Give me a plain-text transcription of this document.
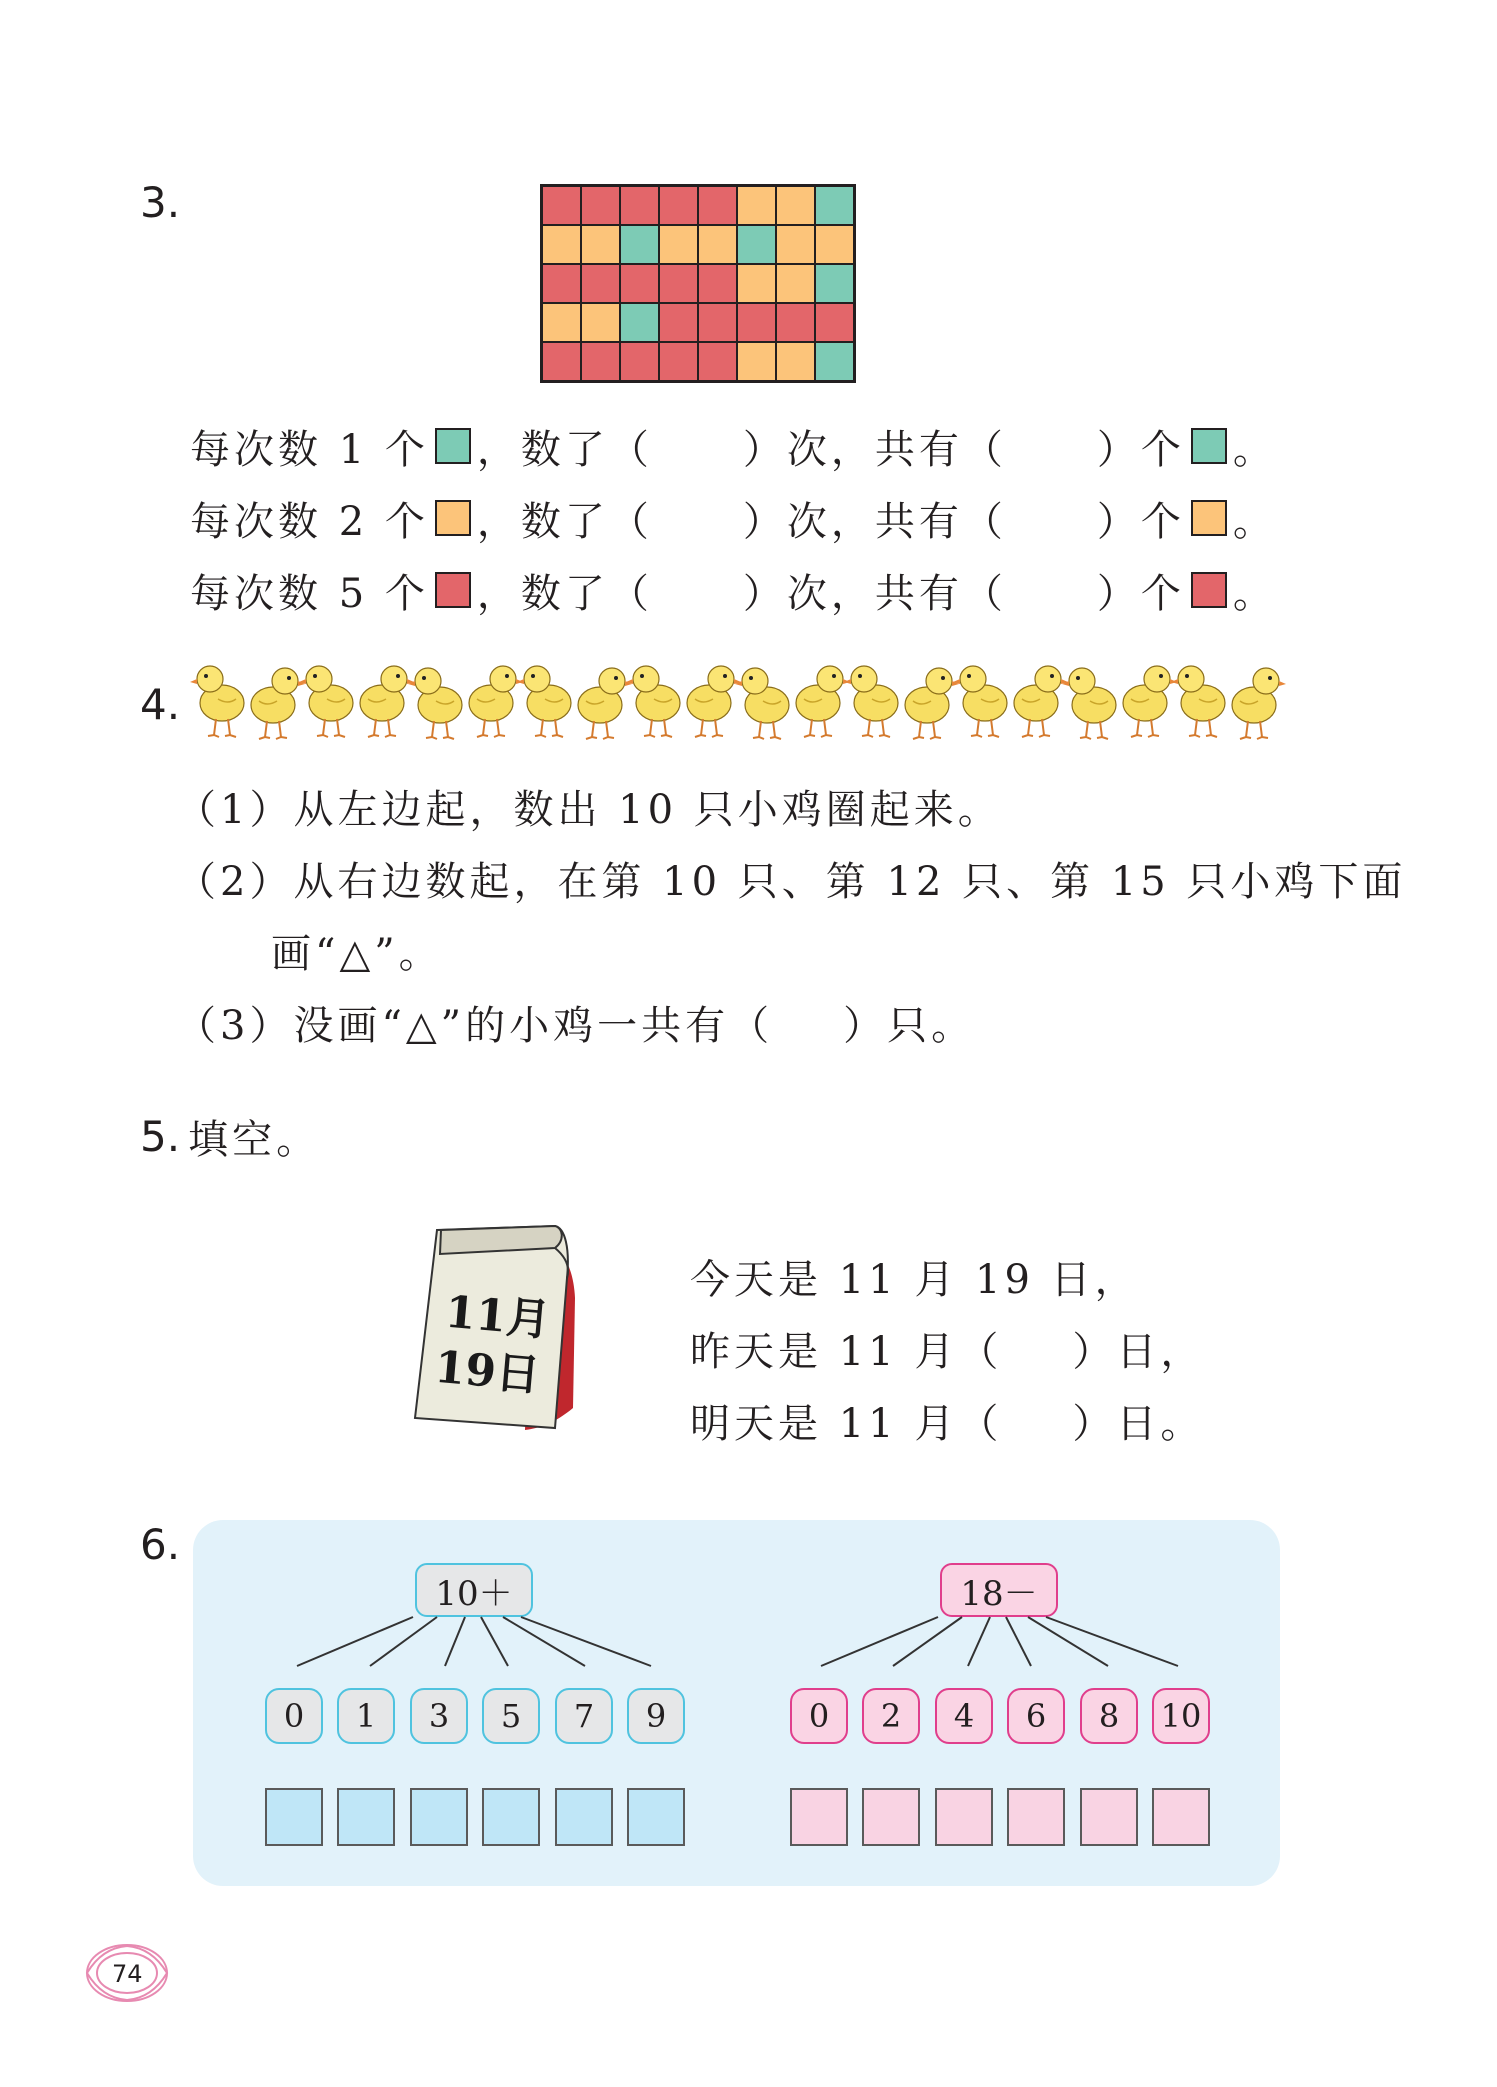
3.
每次数 1 个 ，数了（ ）次，共有（ ）个 。
每次数 2 个 ，数了（ ）次，共有（ ）个 。
每次数 5 个 ，数了（ ）次，共有（ ）个 。
4.
（1）从左边起，数出 10 只小鸡圈起来。
（2）从右边数起，在第 10 只、第 12 只、第 15 只小鸡下面
画“△”。
（3）没画“△”的小鸡一共有（ ）只。
5. 填空。
11月
19日
今天是 11 月 19 日，
昨天是 11 月（ ）日，
明天是 11 月（ ）日。
6.
10＋	18－
0	1	3	5	7	9	0	2	4	6	8	10
74
